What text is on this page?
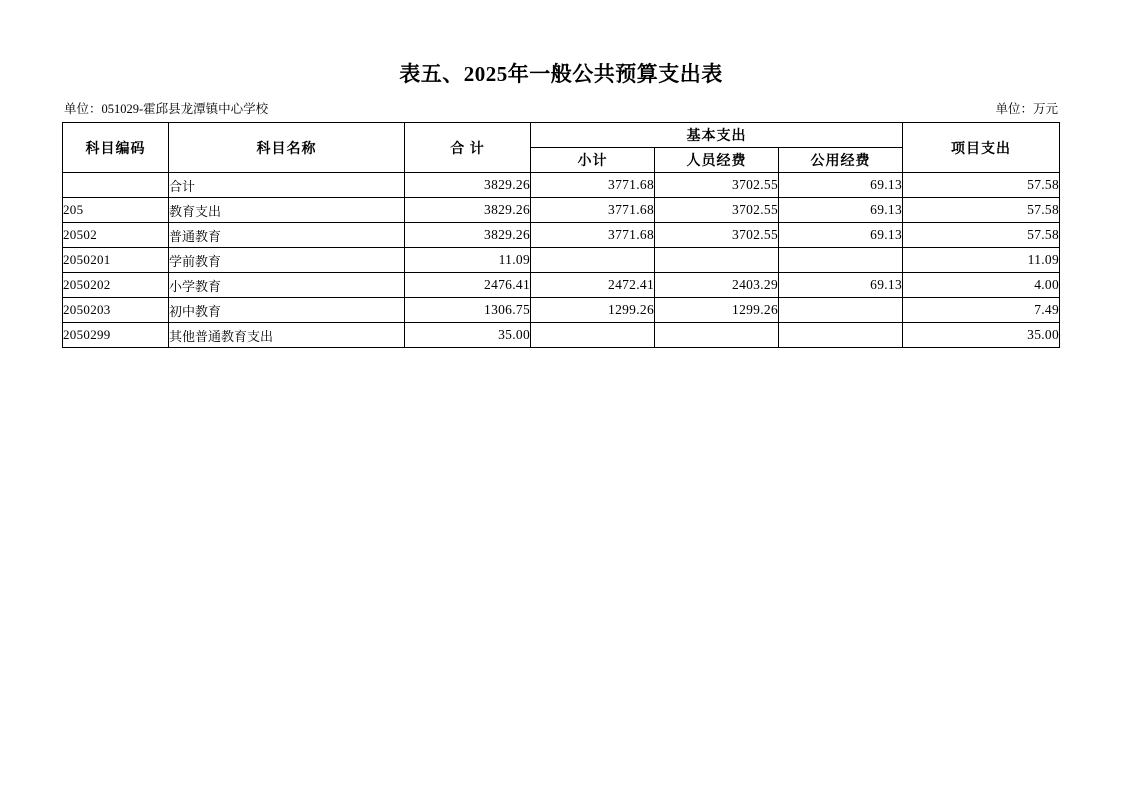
表五、2025年一般公共预算支出表
单位：051029-霍邱县龙潭镇中心学校	单位：万元
科目编码	科目名称	合 计	基本支出			项目支出
			小计	人员经费	公用经费	
	合计	3829.26	3771.68	3702.55	69.13	57.58
205	教育支出	3829.26	3771.68	3702.55	69.13	57.58
20502	普通教育	3829.26	3771.68	3702.55	69.13	57.58
2050201	学前教育	11.09				11.09
2050202	小学教育	2476.41	2472.41	2403.29	69.13	4.00
2050203	初中教育	1306.75	1299.26	1299.26		7.49
2050299	其他普通教育支出	35.00				35.00
